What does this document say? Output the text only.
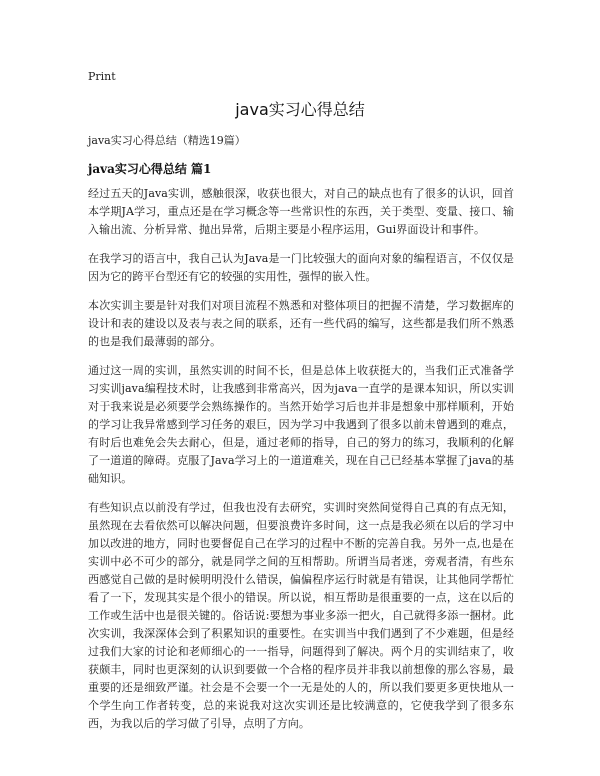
Print
java实习心得总结
java实习心得总结（精选19篇）
java实习心得总结 篇1

经过五天的Java实训，感触很深，收获也很大，对自己的缺点也有了很多的认识，回首本学期JA学习，重点还是在学习概念等一些常识性的东西，关于类型、变量、接口、输入输出流、分析异常、抛出异常，后期主要是小程序运用，Gui界面设计和事件。

在我学习的语言中，我自己认为Java是一门比较强大的面向对象的编程语言，不仅仅是因为它的跨平台型还有它的较强的实用性，强悍的嵌入性。

本次实训主要是针对我们对项目流程不熟悉和对整体项目的把握不清楚，学习数据库的设计和表的建设以及表与表之间的联系，还有一些代码的编写，这些都是我们所不熟悉的也是我们最薄弱的部分。

通过这一周的实训，虽然实训的时间不长，但是总体上收获挺大的，当我们正式准备学习实训java编程技术时，让我感到非常高兴，因为java一直学的是课本知识，所以实训对于我来说是必须要学会熟练操作的。当然开始学习后也并非是想象中那样顺利，开始的学习让我异常感到学习任务的艰巨，因为学习中我遇到了很多以前未曾遇到的难点，有时后也难免会失去耐心，但是，通过老师的指导，自己的努力的练习，我顺利的化解了一道道的障碍。克服了Java学习上的一道道难关，现在自己已经基本掌握了java的基础知识。

有些知识点以前没有学过，但我也没有去研究，实训时突然间觉得自己真的有点无知，虽然现在去看依然可以解决问题，但要浪费许多时间，这一点是我必须在以后的学习中加以改进的地方，同时也要督促自己在学习的过程中不断的完善自我。另外一点,也是在实训中必不可少的部分，就是同学之间的互相帮助。所谓当局者迷，旁观者清，有些东西感觉自己做的是时候明明没什么错误，偏偏程序运行时就是有错误，让其他同学帮忙看了一下，发现其实是个很小的错误。所以说，相互帮助是很重要的一点，这在以后的工作或生活中也是很关键的。俗话说:要想为事业多添一把火，自己就得多添一捆材。此次实训，我深深体会到了积累知识的重要性。在实训当中我们遇到了不少难题，但是经过我们大家的讨论和老师细心的一一指导，问题得到了解决。两个月的实训结束了，收获颇丰，同时也更深刻的认识到要做一个合格的程序员并非我以前想像的那么容易，最重要的还是细致严谨。社会是不会要一个一无是处的人的，所以我们要更多更快地从一个学生向工作者转变，总的来说我对这次实训还是比较满意的，它使我学到了很多东西，为我以后的学习做了引导，点明了方向。
